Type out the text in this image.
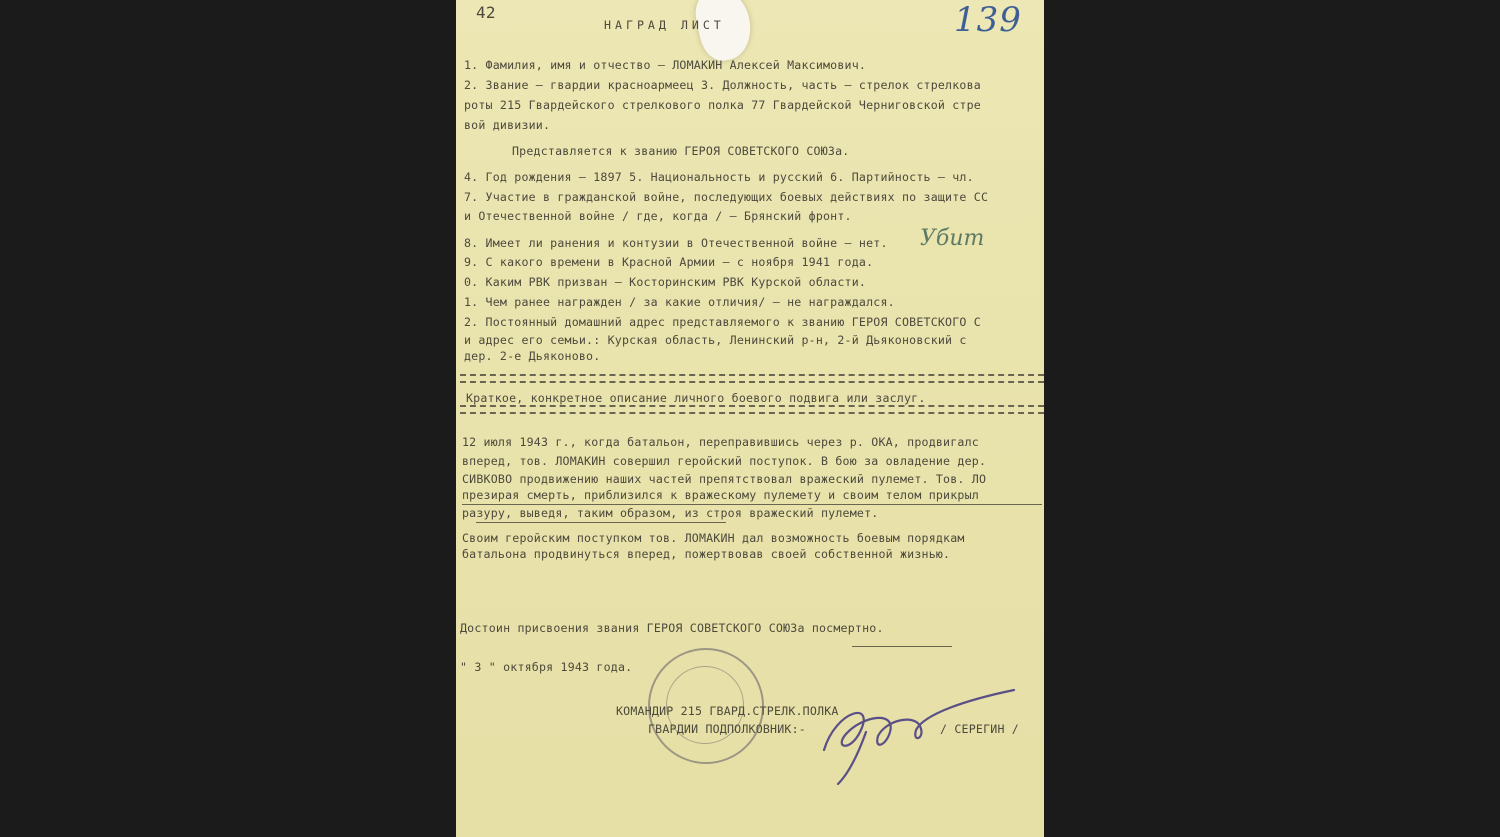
42	139
НАГРАД ЛИСТ
1. Фамилия, имя и отчество – ЛОМАКИН Алексей Максимович.
2. Звание – гвардии красноармеец 3. Должность, часть – стрелок стрелкова
роты 215 Гвардейского стрелкового полка 77 Гвардейской Черниговской стре
вой дивизии.
Представляется к званию ГЕРОЯ СОВЕТСКОГО СОЮЗа.
4. Год рождения – 1897 5. Национальность и русский 6. Партийность – чл.
7. Участие в гражданской войне, последующих боевых действиях по защите СС
и Отечественной войне / где, когда / – Брянский фронт.
8. Имеет ли ранения и контузии в Отечественной войне – нет. Убит
9. С какого времени в Красной Армии – с ноября 1941 года.
0. Каким РВК призван – Косторинским РВК Курской области.
1. Чем ранее награжден / за какие отличия/ – не награждался.
2. Постоянный домашний адрес представляемого к званию ГЕРОЯ СОВЕТСКОГО С
и адрес его семьи.: Курская область, Ленинский р-н, 2-й Дьяконовский с
дер. 2-е Дьяконово.
Краткое, конкретное описание личного боевого подвига или заслуг.
12 июля 1943 г., когда батальон, переправившись через р. ОКА, продвигалс
вперед, тов. ЛОМАКИН совершил геройский поступок. В бою за овладение дер.
СИВКОВО продвижению наших частей препятствовал вражеский пулемет. Тов. ЛО
презирая смерть, приблизился к вражескому пулемету и своим телом прикрыл
разуру, выведя, таким образом, из строя вражеский пулемет.
Своим геройским поступком тов. ЛОМАКИН дал возможность боевым порядкам
батальона продвинуться вперед, пожертвовав своей собственной жизнью.
Достоин присвоения звания ГЕРОЯ СОВЕТСКОГО СОЮЗа посмертно.
" 3 " октября 1943 года.
КОМАНДИР 215 ГВАРД.СТРЕЛК.ПОЛКА
ГВАРДИИ ПОДПОЛКОВНИК:-	/ СЕРЕГИН /
